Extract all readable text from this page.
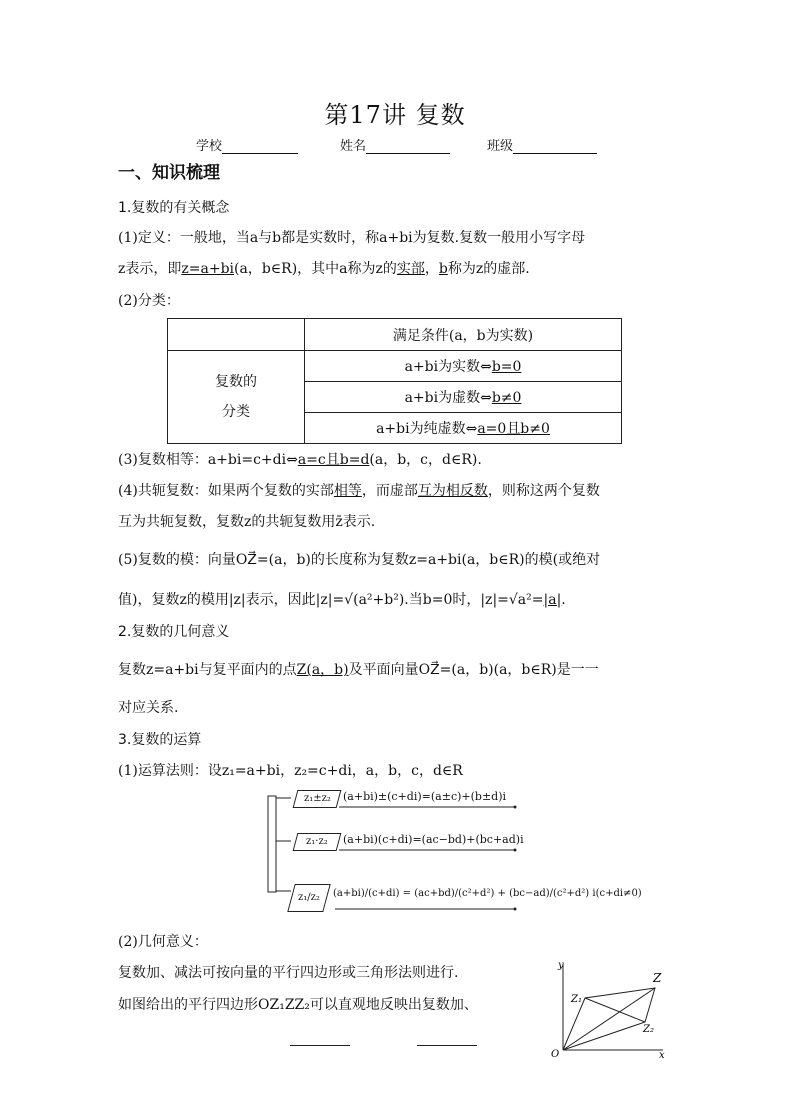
第17讲 复数
学校	姓名	班级
一、知识梳理
1.复数的有关概念
(1)定义：一般地，当a与b都是实数时，称a+bi为复数.复数一般用小写字母
z表示，即z=a+bi(a，b∈R)，其中a称为z的实部，b称为z的虚部.
(2)分类：
	满足条件(a，b为实数)

复数的
分类	a+bi为实数⇔b=0
	a+bi为虚数⇔b≠0
	a+bi为纯虚数⇔a=0且b≠0
(3)复数相等：a+bi=c+di⇔a=c且b=d(a，b，c，d∈R).
(4)共轭复数：如果两个复数的实部相等，而虚部互为相反数，则称这两个复数
互为共轭复数，复数z的共轭复数用z̄表示.
(5)复数的模：向量OZ⃗=(a，b)的长度称为复数z=a+bi(a，b∈R)的模(或绝对
值)，复数z的模用|z|表示，因此|z|=√(a²+b²).当b=0时，|z|=√a²=|a|.
2.复数的几何意义
复数z=a+bi与复平面内的点Z(a，b)及平面向量OZ⃗=(a，b)(a，b∈R)是一一
对应关系.
3.复数的运算
(1)运算法则：设z₁=a+bi，z₂=c+di，a，b，c，d∈R
z₁±z₂	(a+bi)±(c+di)=(a±c)+(b±d)i
z₁·z₂	(a+bi)(c+di)=(ac−bd)+(bc+ad)i
z₁/z₂	(a+bi)/(c+di) = (ac+bd)/(c²+d²) + (bc−ad)/(c²+d²) i(c+di≠0)
(2)几何意义：
复数加、减法可按向量的平行四边形或三角形法则进行.
如图给出的平行四边形OZ₁ZZ₂可以直观地反映出复数加、
y
x
O
Z
Z₁
Z₂
